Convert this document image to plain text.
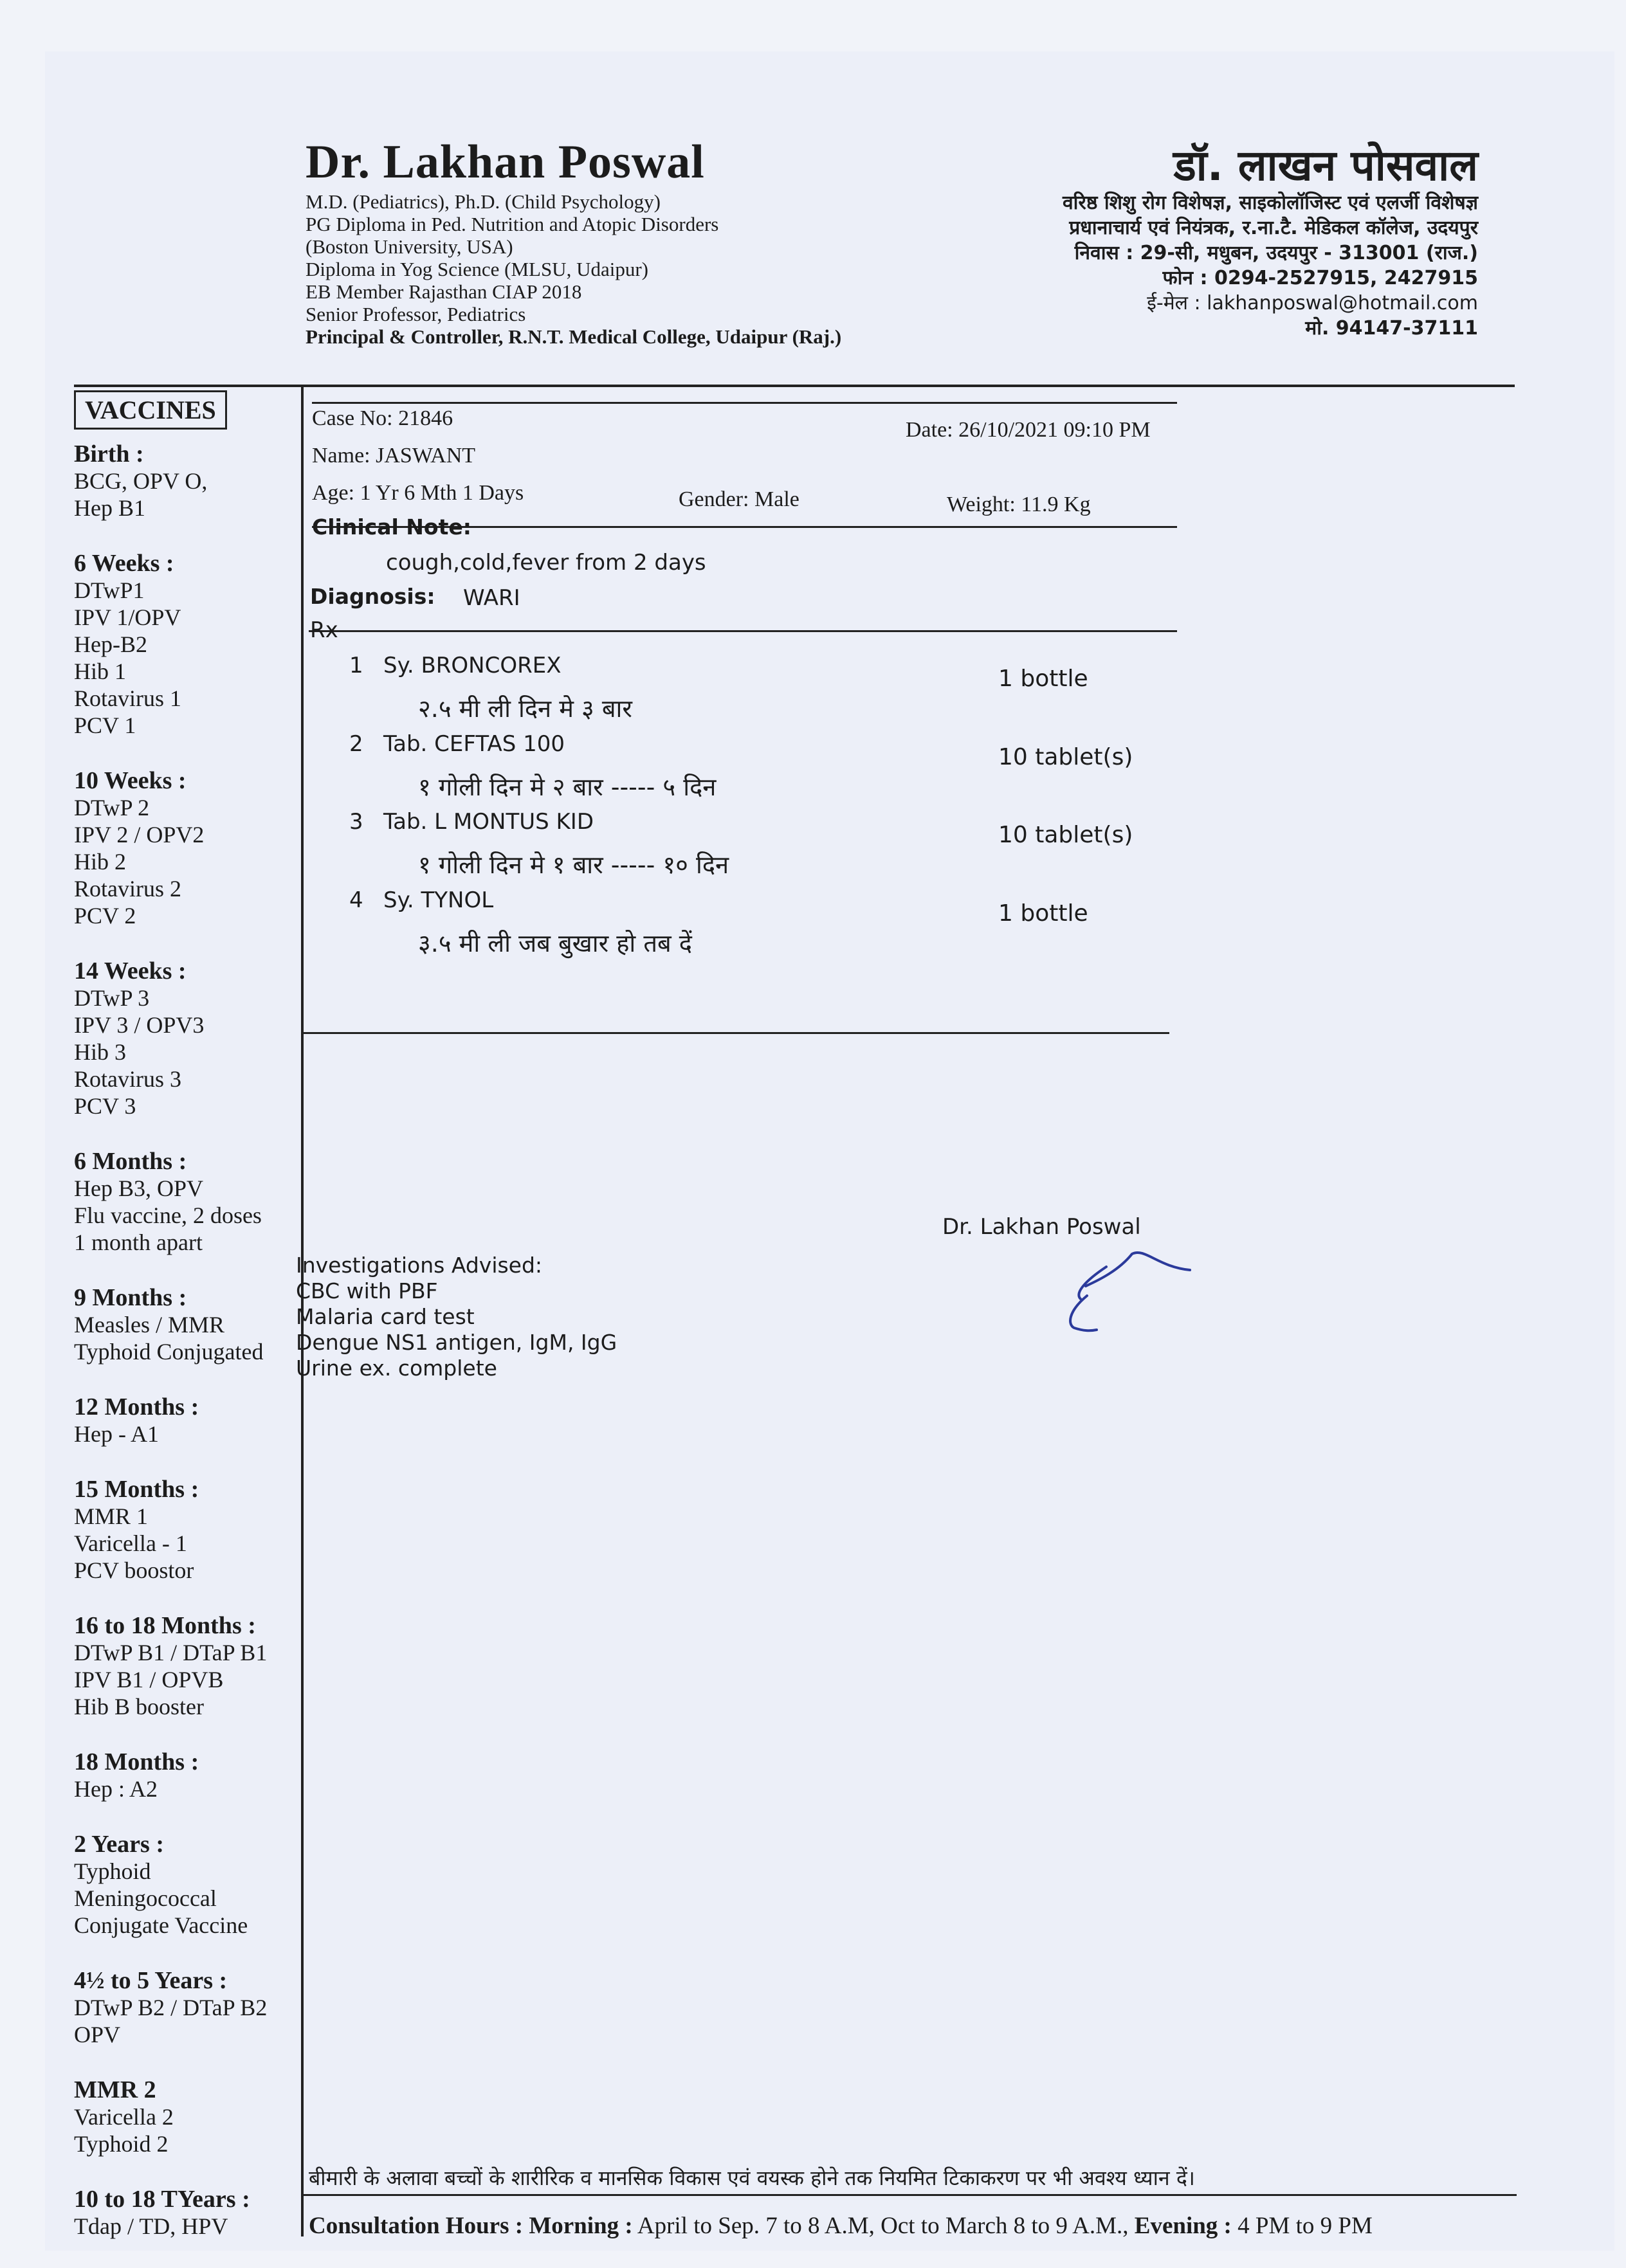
Dr. Lakhan Poswal
M.D. (Pediatrics), Ph.D. (Child Psychology)
PG Diploma in Ped. Nutrition and Atopic Disorders
(Boston University, USA)
Diploma in Yog Science (MLSU, Udaipur)
EB Member Rajasthan CIAP 2018
Senior Professor, Pediatrics
Principal & Controller, R.N.T. Medical College, Udaipur (Raj.)
डॉ. लाखन पोसवाल
वरिष्ठ शिशु रोग विशेषज्ञ, साइकोलॉजिस्ट एवं एलर्जी विशेषज्ञ
प्रधानाचार्य एवं नियंत्रक, र.ना.टै. मेडिकल कॉलेज, उदयपुर
निवास : 29-सी, मधुबन, उदयपुर - 313001 (राज.)
फोन : 0294-2527915, 2427915
ई-मेल : lakhanposwal@hotmail.com
मो. 94147-37111
VACCINES
Birth :
BCG, OPV O,
Hep B1
6 Weeks :
DTwP1
IPV 1/OPV
Hep-B2
Hib 1
Rotavirus 1
PCV 1
10 Weeks :
DTwP 2
IPV 2 / OPV2
Hib 2
Rotavirus 2
PCV 2
14 Weeks :
DTwP 3
IPV 3 / OPV3
Hib 3
Rotavirus 3
PCV 3
6 Months :
Hep B3, OPV
Flu vaccine, 2 doses
1 month apart
9 Months :
Measles / MMR
Typhoid Conjugated
12 Months :
Hep - A1
15 Months :
MMR 1
Varicella - 1
PCV boostor
16 to 18 Months :
DTwP B1 / DTaP B1
IPV B1 / OPVB
Hib B booster
18 Months :
Hep : A2
2 Years :
Typhoid
Meningococcal
Conjugate Vaccine
4½ to 5 Years :
DTwP B2 / DTaP B2
OPV
MMR 2
Varicella 2
Typhoid 2
10 to 18 TYears :
Tdap / TD, HPV
Case No: 21846	Date: 26/10/2021 09:10 PM
Name: JASWANT
Age: 1 Yr 6 Mth 1 Days	Gender: Male	Weight: 11.9 Kg
Clinical Note:
cough,cold,fever from 2 days
Diagnosis: WARI
Rx
1 Sy. BRONCOREX
२.५ मी ली दिन मे ३ बार
1 bottle
2 Tab. CEFTAS 100
१ गोली दिन मे २ बार ----- ५ दिन
10 tablet(s)
3 Tab. L MONTUS KID
१ गोली दिन मे १ बार ----- १० दिन
10 tablet(s)
4 Sy. TYNOL
३.५ मी ली जब बुखार हो तब दें
1 bottle
Dr. Lakhan Poswal
Investigations Advised:
CBC with PBF
Malaria card test
Dengue NS1 antigen, IgM, IgG
Urine ex. complete
बीमारी के अलावा बच्चों के शारीरिक व मानसिक विकास एवं वयस्क होने तक नियमित टिकाकरण पर भी अवश्य ध्यान दें।
Consultation Hours : Morning : April to Sep. 7 to 8 A.M, Oct to March 8 to 9 A.M., Evening : 4 PM to 9 PM
